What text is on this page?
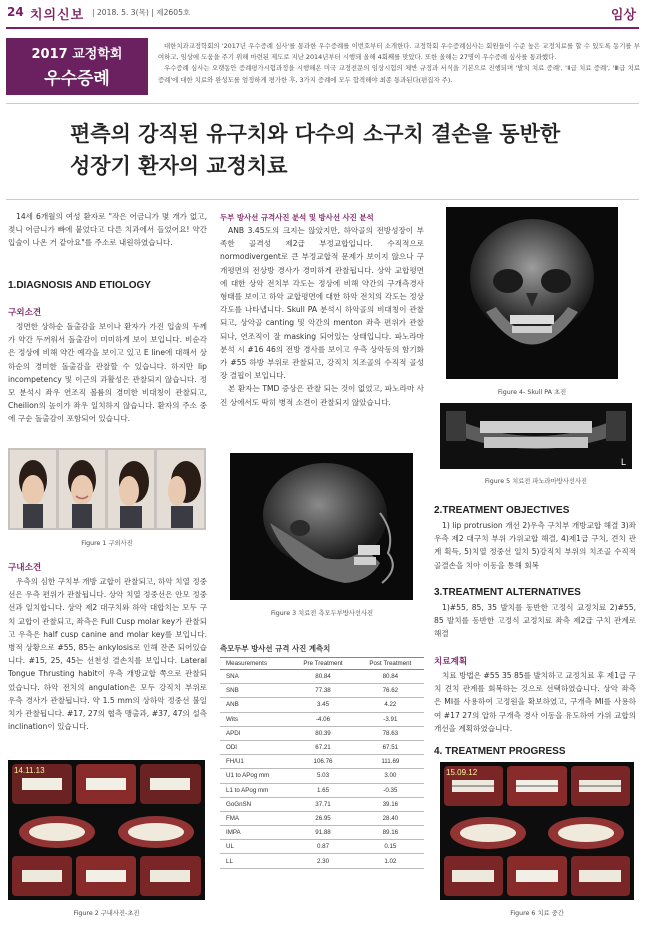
24 치의신보 | 2018. 5. 3(목) | 제2605호	임상
2017 교정학회
우수증례

대한치과교정학회의 '2017년 우수증례 심사'를 통과한 우수증례를 이번호부터 소개한다. 교정학회 우수증례심사는 회원들이 수준 높은 교정치료를 할 수 있도록 동기를 부여하고, 임상에 도움을 주기 위해 마련된 제도로 지난 2014년부터 시행돼 올해 4회째를 맞았다. 또한 올해는 27명이 우수증례 심사를 통과했다.

우수증례 심사는 오랫동안 증례평가시험과정을 시행해온 미국 교정전문의 임상시험의 체반 규정과 서식을 기본으로 진행되며 '발치 치료 증례', 'Ⅱ급 치료 증례', 'Ⅲ급 치료 증례'에 대한 치료와 완성도를 엄정하게 평가한 후, 3가지 증례에 모두 합격해야 최종 통과된다(편집자 주).

편측의 강직된 유구치와 다수의 소구치 결손을 동반한
성장기 환자의 교정치료

14세 6개월의 여성 환자로 "작은 어금니가 몇 개가 없고, 젖니 어금니가 빠에 붙었다고 다른 치과에서 들었어요! 약간 입술이 나온 거 같아요"를 주소로 내원하였습니다.

1.DIAGNOSIS AND ETIOLOGY
구외소견

정면한 상하순 돌출감을 보이나 환자가 가진 입술의 두께가 약간 두꺼워서 돌출감이 미미하게 보이 보입니다. 비순각은 정상에 비해 약간 예각을 보이고 있고 E line에 대해서 상하순의 경미한 돌출감을 관찰할 수 있습니다. 하지만 lip incompetency 및 이근의 과활성은 관찰되지 않습니다. 정모 분석시 좌우 연조직 볼륨의 경미한 비대칭이 관찰되고, Cheilion의 높이가 좌우 일치하지 않습니다. 환자의 주소 중에 구순 돌출감이 포함되어 있습니다.

Figure 1 구외사진
구내소견

우측의 심한 구치부 개방 교합이 관찰되고, 하악 치열 정중선은 우측 편위가 관찰됩니다. 상악 치열 정중선은 안모 정중선과 일치합니다. 상악 제2 대구치와 하악 대합치는 모두 구치 교합이 관찰되고, 좌측은 Full Cusp molar key가 관찰되고 우측은 half cusp canine and molar key를 보입니다. 병적 상황으로 #55, 85는 ankylosis로 인해 잔존 되어있습니다. #15, 25, 45는 선천성 결손치를 보입니다. Lateral Tongue Thrusting habit이 우측 개방교합 쪽으로 관찰되었습니다. 하악 전치의 angulation은 모두 강직치 부위로 우측 경사가 관찰됩니다. 약 1.5 mm의 상하악 정중선 불일치가 관찰됩니다. #17, 27의 협측 맹출과, #37, 47의 설측 inclination이 있습니다.

14.11.13
Figure 2 구내사진-초진
두부 방사선 규격사진 분석 및 방사선 사진 분석

ANB 3.45도의 크지는 않았지만, 하악골의 전방성장이 부족한 골격성 제2급 부정교합입니다. 수직적으로 normodivergent로 큰 부정교합적 문제가 보이지 않으나 구개평면의 전상방 경사가 경미하게 관찰됩니다. 상악 교합평면에 대한 상악 전치부 각도는 정상에 비해 약간의 구개측경사 형태를 보이고 하악 교합평면에 대한 하악 전치의 각도는 정상 각도를 나타냅니다. Skull PA 분석시 하악골의 비대칭이 관찰되고, 상악골 canting 및 악간의 menton 좌측 편위가 관찰되나, 연조직이 잘 masking 되어있는 상태입니다. 파노라마 분석 시 #16 46의 전방 경사를 보이고 우측 상악동의 함기화가 #55 하방 부위로 관찰되고, 강직치 치조골의 수직적 골성장 결핍이 보입니다.

본 환자는 TMD 증상은 관찰 되는 것이 없었고, 파노라마 사진 상에서도 딱히 병적 소견이 관찰되지 않았습니다.

Figure 3 치료전 측모두부방사선사진
측모두부 방사선 규격 사진 계측치
Measurements	Pre Treatment	Post Treatment
SNA	80.84	80.84
SNB	77.38	76.62
ANB	3.45	4.22
Wits	-4.06	-3.91
APDI	80.39	78.63
ODI	67.21	67.51
FH/U1	106.76	111.69
U1 to APog mm	5.03	3.00
L1 to APog mm	1.65	-0.35
GoGnSN	37.71	39.16
FMA	26.95	28.40
IMPA	91.88	89.16
UL	0.87	0.15
LL	2.30	1.02
Figure 4- Skull PA 초진
L
Figure 5 치료전 파노라마방사선사진
2.TREATMENT OBJECTIVES

1) lip protrusion 개선 2)우측 구치부 개방교합 해결 3)좌우측 제2 대구치 부위 가위교합 해결, 4)제1급 구치, 견치 관계 획득, 5)치열 정중선 일치 5)강직치 부위의 치조골 수직적 골결손을 치아 이동을 통해 회복

3.TREATMENT ALTERNATIVES

1)#55, 85, 35 발치를 동반한 고정식 교정치료 2)#55, 85 발치를 동반한 고정식 교정치료 좌측 제2급 구치 관계로 해결

치료계획

치료 방법은 #55 35 85를 발치하고 교정치료 후 제1급 구치 견치 관계를 회복하는 것으로 선택하였습니다. 상악 좌측은 MI를 사용하여 고정원을 확보하였고, 구개측 MI를 사용하여 #17 27의 압하 구개측 경사 이동을 유도하여 가위 교합의 개선을 계획하였습니다.

4. TREATMENT PROGRESS
15.09.12
Figure 6 치료 중간
